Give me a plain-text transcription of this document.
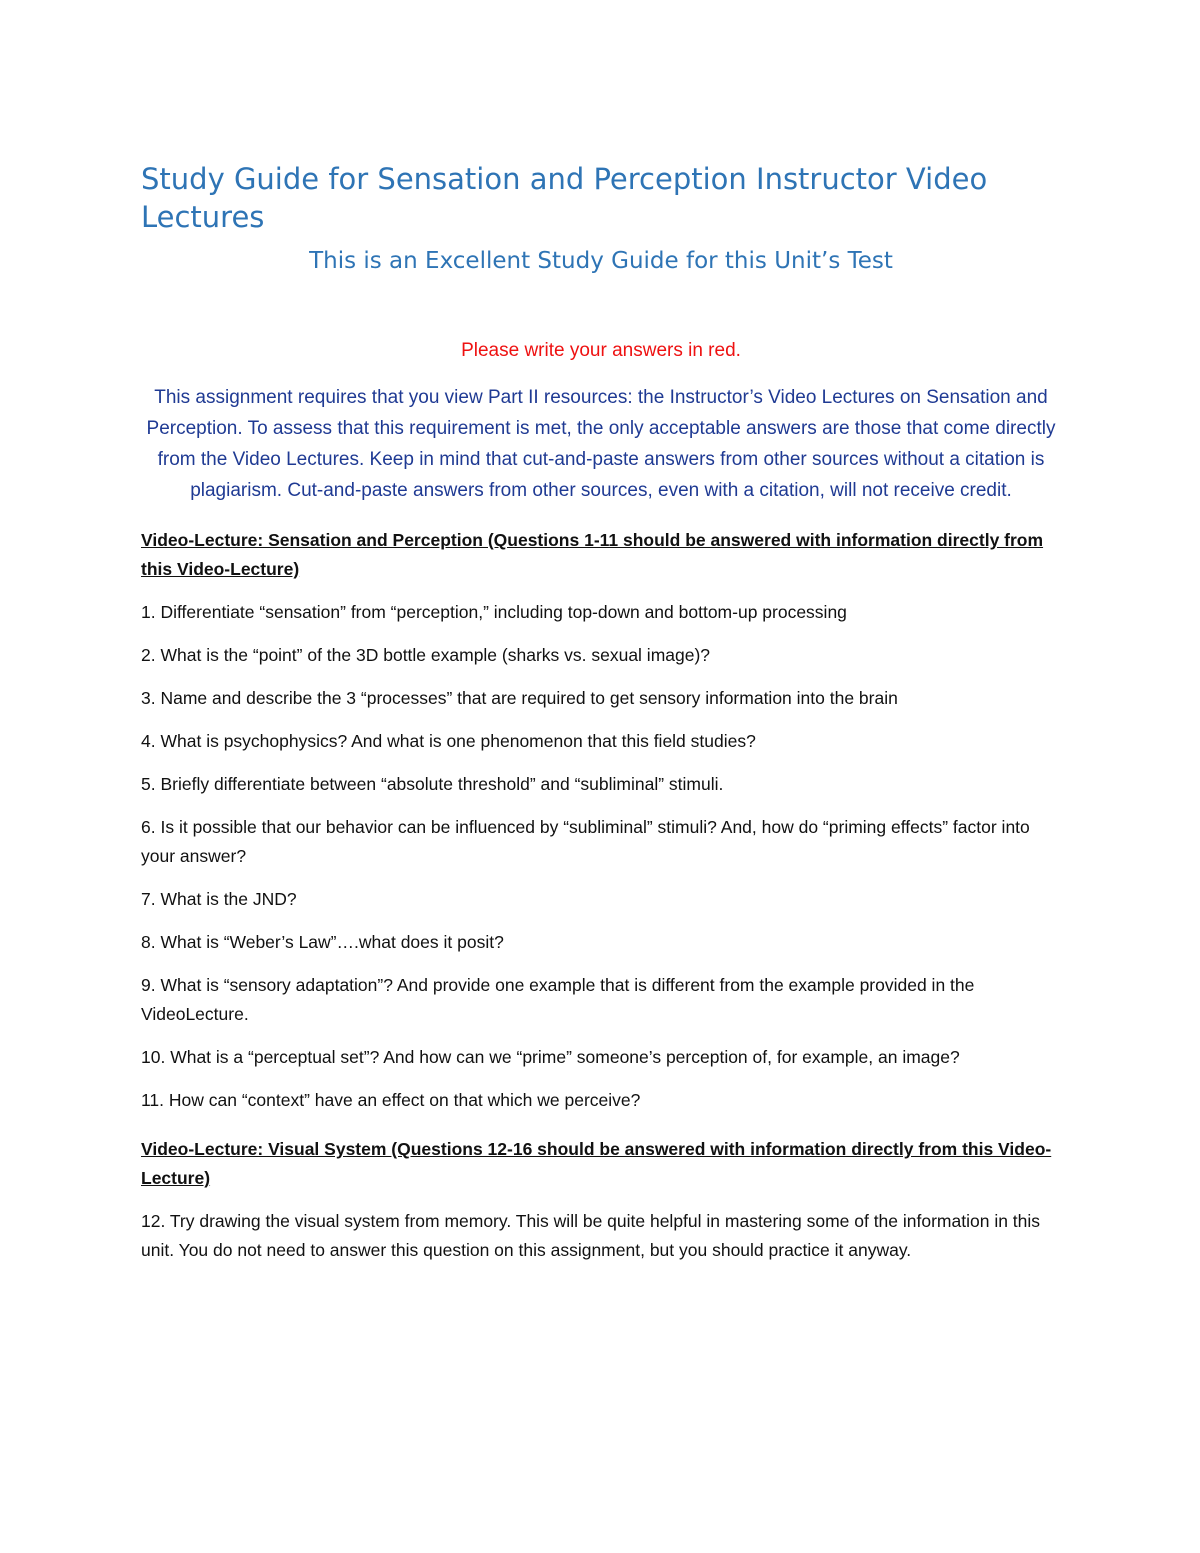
Study Guide for Sensation and Perception Instructor Video Lectures
This is an Excellent Study Guide for this Unit’s Test

Please write your answers in red.

This assignment requires that you view Part II resources: the Instructor’s Video Lectures on Sensation and Perception. To assess that this requirement is met, the only acceptable answers are those that come directly from the Video Lectures. Keep in mind that cut-and-paste answers from other sources without a citation is plagiarism. Cut-and-paste answers from other sources, even with a citation, will not receive credit.

Video-Lecture: Sensation and Perception (Questions 1-11 should be answered with information directly from this Video-Lecture)

1. Differentiate “sensation” from “perception,” including top-down and bottom-up processing
2. What is the “point” of the 3D bottle example (sharks vs. sexual image)?
3. Name and describe the 3 “processes” that are required to get sensory information into the brain
4. What is psychophysics? And what is one phenomenon that this field studies?
5. Briefly differentiate between “absolute threshold” and “subliminal” stimuli.
6. Is it possible that our behavior can be influenced by “subliminal” stimuli? And, how do “priming effects” factor into your answer?
7. What is the JND?
8. What is “Weber’s Law”….what does it posit?
9. What is “sensory adaptation”? And provide one example that is different from the example provided in the VideoLecture.
10. What is a “perceptual set”? And how can we “prime” someone’s perception of, for example, an image?
11. How can “context” have an effect on that which we perceive?

Video-Lecture: Visual System (Questions 12-16 should be answered with information directly from this Video-Lecture)

12. Try drawing the visual system from memory. This will be quite helpful in mastering some of the information in this unit. You do not need to answer this question on this assignment, but you should practice it anyway.
